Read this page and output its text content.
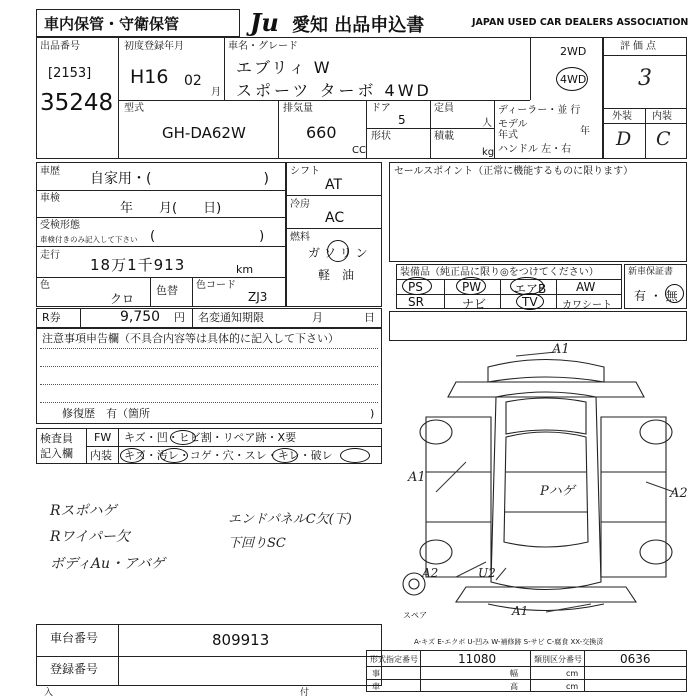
車内保管・守衛保管	Ju 愛知 出品申込書	JAPAN USED CAR DEALERS ASSOCIATION
出品番号
[2153]
35248
初度登録年月
H16 02
月
車名・グレード
エブリィ W
スポーツ ターボ 4WD
2WD
4WD
型式
GH-DA62W
排気量
660
CC
ドア
5
定員
人
形状	積載
kg
ディーラー・並 行
モデル 年式	年
ハンドル 左・右
評価点
3
外装 内装
D C
車歴 自家用・(　　　　　　　　)
車検
年　　月(　　日)
受検形態
車検付きのみ記入して下さい (　　　　　　　　)
走行
18万1千913	km
色
クロ
色替 色コード
ZJ3
シフト
AT
冷房
AC
燃料
ガ ソ リ ン
軽　油
セールスポイント（正常に機能するものに限ります）
装備品（純正品に限り◎をつけてください）
PS	PW	エアB AW
SR	ナビ	TV カワシート
新車保証書
有 ・ 無
R券	9,750 円 名変通知期限	月	日
注意事項申告欄（不具合内容等は具体的に記入して下さい）
修復歴　有（箇所	)
検査員
記入欄
FW キズ・凹・ヒビ割・リペア跡・X要
内装 キズ・汚レ・コゲ・穴・スレ・キレ・破レ
Rスポハゲ
Rワイパー欠
ボディAu・アバゲ
エンドパネルC欠(下)
下回りSC
A1
A1
Pハゲ	A2
A2	U2
A1
スペア
A-キズ E-エクボ U-凹み W-補修跡 S-サビ C-腐食 XX-交換済
車台番号	809913
登録番号
形式指定番号	11080	類別区分番号	0636
事	幅	cm
車	高	cm
入	付
